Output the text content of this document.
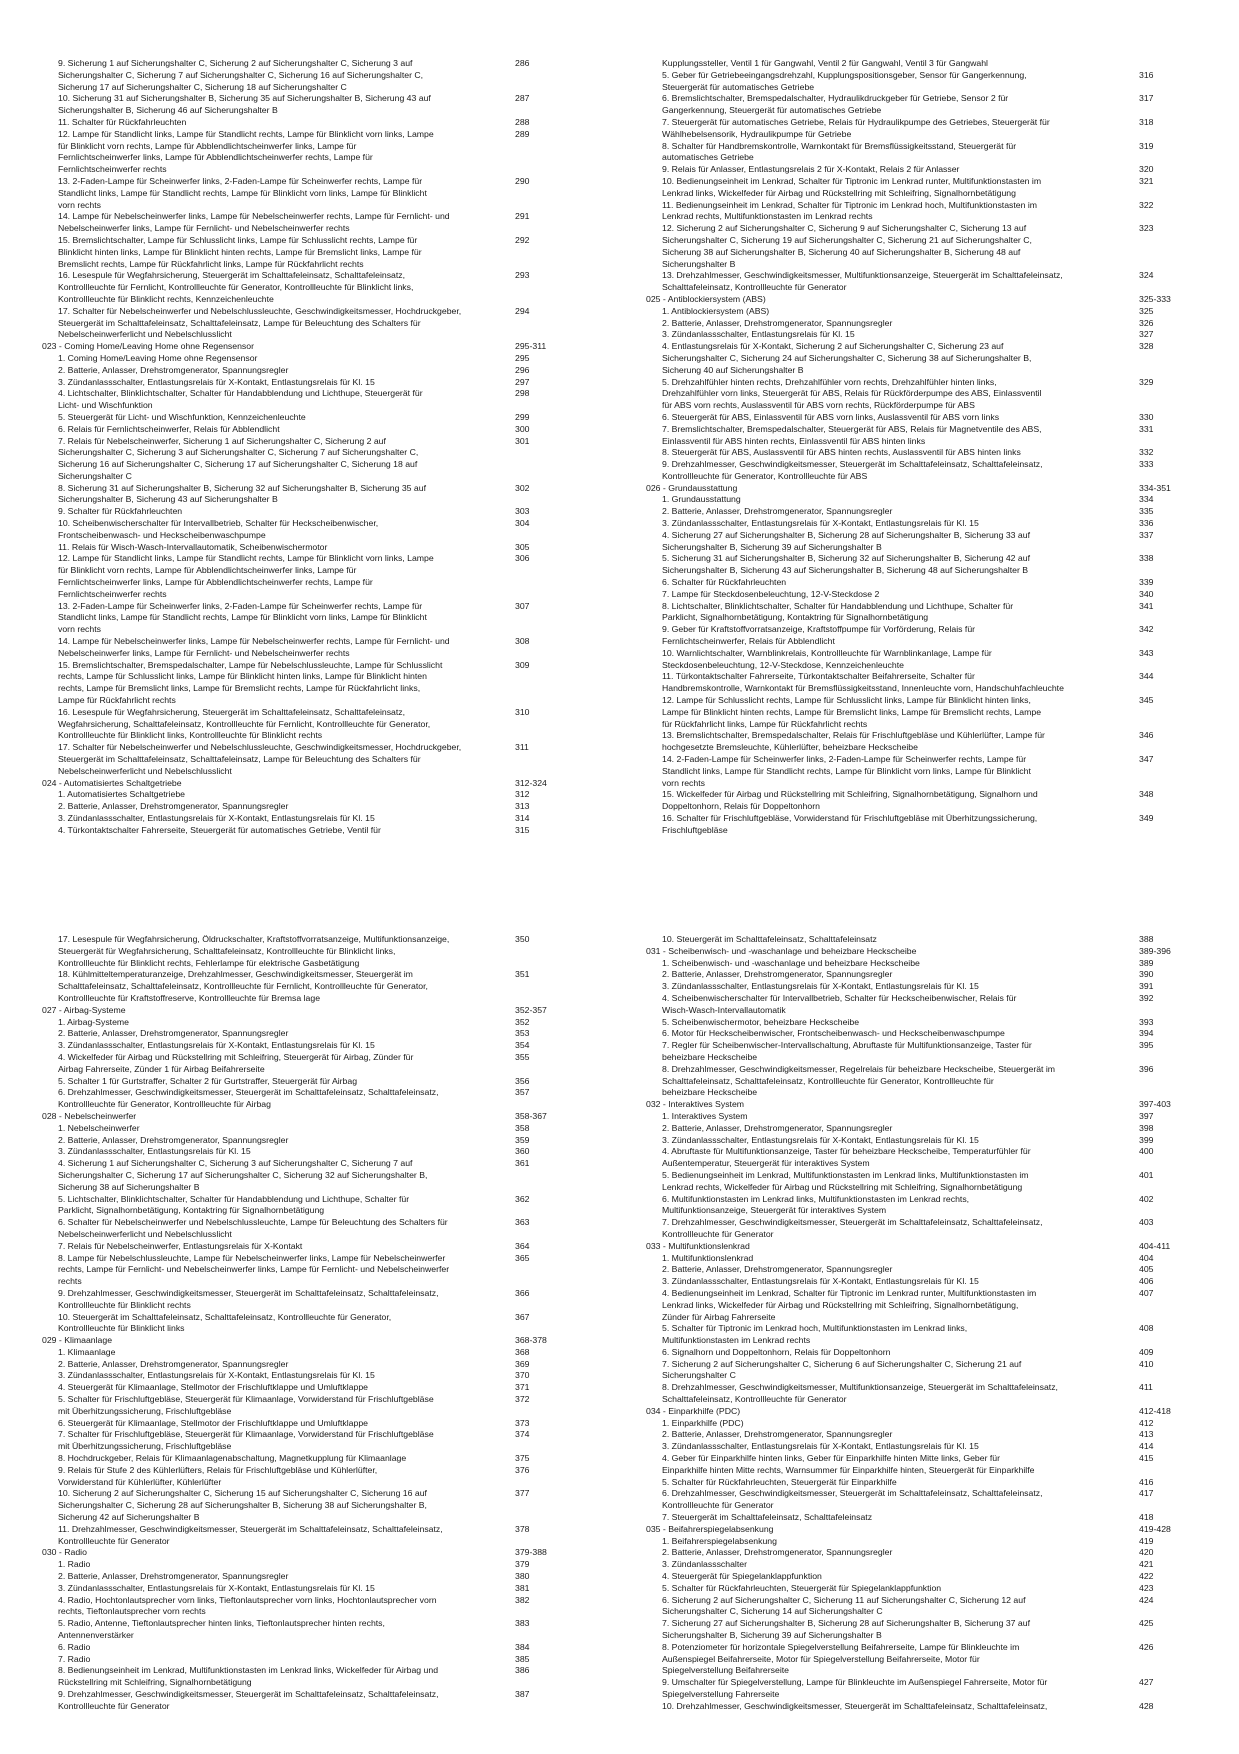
9. Sicherung 1 auf Sicherungshalter C, Sicherung 2 auf Sicherungshalter C, Sicherung 3 auf
Sicherungshalter C, Sicherung 7 auf Sicherungshalter C, Sicherung 16 auf Sicherungshalter C,
Sicherung 17 auf Sicherungshalter C, Sicherung 18 auf Sicherungshalter C
286
10. Sicherung 31 auf Sicherungshalter B, Sicherung 35 auf Sicherungshalter B, Sicherung 43 auf
Sicherungshalter B, Sicherung 46 auf Sicherungshalter B
287
11. Schalter für Rückfahrleuchten	288
12. Lampe für Standlicht links, Lampe für Standlicht rechts, Lampe für Blinklicht vorn links, Lampe
für Blinklicht vorn rechts, Lampe für Abblendlichtscheinwerfer links, Lampe für
Fernlichtscheinwerfer links, Lampe für Abblendlichtscheinwerfer rechts, Lampe für
Fernlichtscheinwerfer rechts
289
13. 2-Faden-Lampe für Scheinwerfer links, 2-Faden-Lampe für Scheinwerfer rechts, Lampe für
Standlicht links, Lampe für Standlicht rechts, Lampe für Blinklicht vorn links, Lampe für Blinklicht
vorn rechts
290
14. Lampe für Nebelscheinwerfer links, Lampe für Nebelscheinwerfer rechts, Lampe für Fernlicht- und
Nebelscheinwerfer links, Lampe für Fernlicht- und Nebelscheinwerfer rechts
291
15. Bremslichtschalter, Lampe für Schlusslicht links, Lampe für Schlusslicht rechts, Lampe für
Blinklicht hinten links, Lampe für Blinklicht hinten rechts, Lampe für Bremslicht links, Lampe für
Bremslicht rechts, Lampe für Rückfahrlicht links, Lampe für Rückfahrlicht rechts
292
16. Lesespule für Wegfahrsicherung, Steuergerät im Schalttafeleinsatz, Schalttafeleinsatz,
Kontrollleuchte für Fernlicht, Kontrollleuchte für Generator, Kontrollleuchte für Blinklicht links,
Kontrollleuchte für Blinklicht rechts, Kennzeichenleuchte
293
17. Schalter für Nebelscheinwerfer und Nebelschlussleuchte, Geschwindigkeitsmesser, Hochdruckgeber,
Steuergerät im Schalttafeleinsatz, Schalttafeleinsatz, Lampe für Beleuchtung des Schalters für
Nebelscheinwerferlicht und Nebelschlusslicht
294
023 - Coming Home/Leaving Home ohne Regensensor	295-311
1. Coming Home/Leaving Home ohne Regensensor	295
2. Batterie, Anlasser, Drehstromgenerator, Spannungsregler	296
3. Zündanlassschalter, Entlastungsrelais für X-Kontakt, Entlastungsrelais für Kl. 15	297
4. Lichtschalter, Blinklichtschalter, Schalter für Handabblendung und Lichthupe, Steuergerät für
Licht- und Wischfunktion
298
5. Steuergerät für Licht- und Wischfunktion, Kennzeichenleuchte	299
6. Relais für Fernlichtscheinwerfer, Relais für Abblendlicht	300
7. Relais für Nebelscheinwerfer, Sicherung 1 auf Sicherungshalter C, Sicherung 2 auf
Sicherungshalter C, Sicherung 3 auf Sicherungshalter C, Sicherung 7 auf Sicherungshalter C,
Sicherung 16 auf Sicherungshalter C, Sicherung 17 auf Sicherungshalter C, Sicherung 18 auf
Sicherungshalter C
301
8. Sicherung 31 auf Sicherungshalter B, Sicherung 32 auf Sicherungshalter B, Sicherung 35 auf
Sicherungshalter B, Sicherung 43 auf Sicherungshalter B
302
9. Schalter für Rückfahrleuchten	303
10. Scheibenwischerschalter für Intervallbetrieb, Schalter für Heckscheibenwischer,
Frontscheibenwasch- und Heckscheibenwaschpumpe
304
11. Relais für Wisch-Wasch-Intervallautomatik, Scheibenwischermotor	305
12. Lampe für Standlicht links, Lampe für Standlicht rechts, Lampe für Blinklicht vorn links, Lampe
für Blinklicht vorn rechts, Lampe für Abblendlichtscheinwerfer links, Lampe für
Fernlichtscheinwerfer links, Lampe für Abblendlichtscheinwerfer rechts, Lampe für
Fernlichtscheinwerfer rechts
306
13. 2-Faden-Lampe für Scheinwerfer links, 2-Faden-Lampe für Scheinwerfer rechts, Lampe für
Standlicht links, Lampe für Standlicht rechts, Lampe für Blinklicht vorn links, Lampe für Blinklicht
vorn rechts
307
14. Lampe für Nebelscheinwerfer links, Lampe für Nebelscheinwerfer rechts, Lampe für Fernlicht- und
Nebelscheinwerfer links, Lampe für Fernlicht- und Nebelscheinwerfer rechts
308
15. Bremslichtschalter, Bremspedalschalter, Lampe für Nebelschlussleuchte, Lampe für Schlusslicht
rechts, Lampe für Schlusslicht links, Lampe für Blinklicht hinten links, Lampe für Blinklicht hinten
rechts, Lampe für Bremslicht links, Lampe für Bremslicht rechts, Lampe für Rückfahrlicht links,
Lampe für Rückfahrlicht rechts
309
16. Lesespule für Wegfahrsicherung, Steuergerät im Schalttafeleinsatz, Schalttafeleinsatz,
Wegfahrsicherung, Schalttafeleinsatz, Kontrollleuchte für Fernlicht, Kontrollleuchte für Generator,
Kontrollleuchte für Blinklicht links, Kontrollleuchte für Blinklicht rechts
310
17. Schalter für Nebelscheinwerfer und Nebelschlussleuchte, Geschwindigkeitsmesser, Hochdruckgeber,
Steuergerät im Schalttafeleinsatz, Schalttafeleinsatz, Lampe für Beleuchtung des Schalters für
Nebelscheinwerferlicht und Nebelschlusslicht
311
024 - Automatisiertes Schaltgetriebe	312-324
1. Automatisiertes Schaltgetriebe	312
2. Batterie, Anlasser, Drehstromgenerator, Spannungsregler	313
3. Zündanlassschalter, Entlastungsrelais für X-Kontakt, Entlastungsrelais für Kl. 15	314
4. Türkontaktschalter Fahrerseite, Steuergerät für automatisches Getriebe, Ventil für	315
Kupplungssteller, Ventil 1 für Gangwahl, Ventil 2 für Gangwahl, Ventil 3 für Gangwahl
5. Geber für Getriebeeingangsdrehzahl, Kupplungspositionsgeber, Sensor für Gangerkennung,
Steuergerät für automatisches Getriebe
316
6. Bremslichtschalter, Bremspedalschalter, Hydraulikdruckgeber für Getriebe, Sensor 2 für
Gangerkennung, Steuergerät für automatisches Getriebe
317
7. Steuergerät für automatisches Getriebe, Relais für Hydraulikpumpe des Getriebes, Steuergerät für
Wählhebelsensorik, Hydraulikpumpe für Getriebe
318
8. Schalter für Handbremskontrolle, Warnkontakt für Bremsflüssigkeitsstand, Steuergerät für
automatisches Getriebe
319
9. Relais für Anlasser, Entlastungsrelais 2 für X-Kontakt, Relais 2 für Anlasser	320
10. Bedienungseinheit im Lenkrad, Schalter für Tiptronic im Lenkrad runter, Multifunktionstasten im
Lenkrad links, Wickelfeder für Airbag und Rückstellring mit Schleifring, Signalhornbetätigung
321
11. Bedienungseinheit im Lenkrad, Schalter für Tiptronic im Lenkrad hoch, Multifunktionstasten im
Lenkrad rechts, Multifunktionstasten im Lenkrad rechts
322
12. Sicherung 2 auf Sicherungshalter C, Sicherung 9 auf Sicherungshalter C, Sicherung 13 auf
Sicherungshalter C, Sicherung 19 auf Sicherungshalter C, Sicherung 21 auf Sicherungshalter C,
Sicherung 38 auf Sicherungshalter B, Sicherung 40 auf Sicherungshalter B, Sicherung 48 auf
Sicherungshalter B
323
13. Drehzahlmesser, Geschwindigkeitsmesser, Multifunktionsanzeige, Steuergerät im Schalttafeleinsatz,
Schalttafeleinsatz, Kontrollleuchte für Generator
324
025 - Antiblockiersystem (ABS)	325-333
1. Antiblockiersystem (ABS)	325
2. Batterie, Anlasser, Drehstromgenerator, Spannungsregler	326
3. Zündanlassschalter, Entlastungsrelais für Kl. 15	327
4. Entlastungsrelais für X-Kontakt, Sicherung 2 auf Sicherungshalter C, Sicherung 23 auf
Sicherungshalter C, Sicherung 24 auf Sicherungshalter C, Sicherung 38 auf Sicherungshalter B,
Sicherung 40 auf Sicherungshalter B
328
5. Drehzahlfühler hinten rechts, Drehzahlfühler vorn rechts, Drehzahlfühler hinten links,
Drehzahlfühler vorn links, Steuergerät für ABS, Relais für Rückförderpumpe des ABS, Einlassventil
für ABS vorn rechts, Auslassventil für ABS vorn rechts, Rückförderpumpe für ABS
329
6. Steuergerät für ABS, Einlassventil für ABS vorn links, Auslassventil für ABS vorn links	330
7. Bremslichtschalter, Bremspedalschalter, Steuergerät für ABS, Relais für Magnetventile des ABS,
Einlassventil für ABS hinten rechts, Einlassventil für ABS hinten links
331
8. Steuergerät für ABS, Auslassventil für ABS hinten rechts, Auslassventil für ABS hinten links	332
9. Drehzahlmesser, Geschwindigkeitsmesser, Steuergerät im Schalttafeleinsatz, Schalttafeleinsatz,
Kontrollleuchte für Generator, Kontrollleuchte für ABS
333
026 - Grundausstattung	334-351
1. Grundausstattung	334
2. Batterie, Anlasser, Drehstromgenerator, Spannungsregler	335
3. Zündanlassschalter, Entlastungsrelais für X-Kontakt, Entlastungsrelais für Kl. 15	336
4. Sicherung 27 auf Sicherungshalter B, Sicherung 28 auf Sicherungshalter B, Sicherung 33 auf
Sicherungshalter B, Sicherung 39 auf Sicherungshalter B
337
5. Sicherung 31 auf Sicherungshalter B, Sicherung 32 auf Sicherungshalter B, Sicherung 42 auf
Sicherungshalter B, Sicherung 43 auf Sicherungshalter B, Sicherung 48 auf Sicherungshalter B
338
6. Schalter für Rückfahrleuchten	339
7. Lampe für Steckdosenbeleuchtung, 12-V-Steckdose 2	340
8. Lichtschalter, Blinklichtschalter, Schalter für Handabblendung und Lichthupe, Schalter für
Parklicht, Signalhornbetätigung, Kontaktring für Signalhornbetätigung
341
9. Geber für Kraftstoffvorratsanzeige, Kraftstoffpumpe für Vorförderung, Relais für
Fernlichtscheinwerfer, Relais für Abblendlicht
342
10. Warnlichtschalter, Warnblinkrelais, Kontrollleuchte für Warnblinkanlage, Lampe für
Steckdosenbeleuchtung, 12-V-Steckdose, Kennzeichenleuchte
343
11. Türkontaktschalter Fahrerseite, Türkontaktschalter Beifahrerseite, Schalter für
Handbremskontrolle, Warnkontakt für Bremsflüssigkeitsstand, Innenleuchte vorn, Handschuhfachleuchte
344
12. Lampe für Schlusslicht rechts, Lampe für Schlusslicht links, Lampe für Blinklicht hinten links,
Lampe für Blinklicht hinten rechts, Lampe für Bremslicht links, Lampe für Bremslicht rechts, Lampe
für Rückfahrlicht links, Lampe für Rückfahrlicht rechts
345
13. Bremslichtschalter, Bremspedalschalter, Relais für Frischluftgebläse und Kühlerlüfter, Lampe für
hochgesetzte Bremsleuchte, Kühlerlüfter, beheizbare Heckscheibe
346
14. 2-Faden-Lampe für Scheinwerfer links, 2-Faden-Lampe für Scheinwerfer rechts, Lampe für
Standlicht links, Lampe für Standlicht rechts, Lampe für Blinklicht vorn links, Lampe für Blinklicht
vorn rechts
347
15. Wickelfeder für Airbag und Rückstellring mit Schleifring, Signalhornbetätigung, Signalhorn und
Doppeltonhorn, Relais für Doppeltonhorn
348
16. Schalter für Frischluftgebläse, Vorwiderstand für Frischluftgebläse mit Überhitzungssicherung,
Frischluftgebläse
349
17. Lesespule für Wegfahrsicherung, Öldruckschalter, Kraftstoffvorratsanzeige, Multifunktionsanzeige,
Steuergerät für Wegfahrsicherung, Schalttafeleinsatz, Kontrollleuchte für Blinklicht links,
Kontrollleuchte für Blinklicht rechts, Fehlerlampe für elektrische Gasbetätigung
350
18. Kühlmitteltemperaturanzeige, Drehzahlmesser, Geschwindigkeitsmesser, Steuergerät im
Schalttafeleinsatz, Schalttafeleinsatz, Kontrollleuchte für Fernlicht, Kontrollleuchte für Generator,
Kontrollleuchte für Kraftstoffreserve, Kontrollleuchte für Bremsa lage
351
027 - Airbag-Systeme	352-357
1. Airbag-Systeme	352
2. Batterie, Anlasser, Drehstromgenerator, Spannungsregler	353
3. Zündanlassschalter, Entlastungsrelais für X-Kontakt, Entlastungsrelais für Kl. 15	354
4. Wickelfeder für Airbag und Rückstellring mit Schleifring, Steuergerät für Airbag, Zünder für
Airbag Fahrerseite, Zünder 1 für Airbag Beifahrerseite
355
5. Schalter 1 für Gurtstraffer, Schalter 2 für Gurtstraffer, Steuergerät für Airbag	356
6. Drehzahlmesser, Geschwindigkeitsmesser, Steuergerät im Schalttafeleinsatz, Schalttafeleinsatz,
Kontrollleuchte für Generator, Kontrollleuchte für Airbag
357
028 - Nebelscheinwerfer	358-367
1. Nebelscheinwerfer	358
2. Batterie, Anlasser, Drehstromgenerator, Spannungsregler	359
3. Zündanlassschalter, Entlastungsrelais für Kl. 15	360
4. Sicherung 1 auf Sicherungshalter C, Sicherung 3 auf Sicherungshalter C, Sicherung 7 auf
Sicherungshalter C, Sicherung 17 auf Sicherungshalter C, Sicherung 32 auf Sicherungshalter B,
Sicherung 38 auf Sicherungshalter B
361
5. Lichtschalter, Blinklichtschalter, Schalter für Handabblendung und Lichthupe, Schalter für
Parklicht, Signalhornbetätigung, Kontaktring für Signalhornbetätigung
362
6. Schalter für Nebelscheinwerfer und Nebelschlussleuchte, Lampe für Beleuchtung des Schalters für
Nebelscheinwerferlicht und Nebelschlusslicht
363
7. Relais für Nebelscheinwerfer, Entlastungsrelais für X-Kontakt	364
8. Lampe für Nebelschlussleuchte, Lampe für Nebelscheinwerfer links, Lampe für Nebelscheinwerfer
rechts, Lampe für Fernlicht- und Nebelscheinwerfer links, Lampe für Fernlicht- und Nebelscheinwerfer
rechts
365
9. Drehzahlmesser, Geschwindigkeitsmesser, Steuergerät im Schalttafeleinsatz, Schalttafeleinsatz,
Kontrollleuchte für Blinklicht rechts
366
10. Steuergerät im Schalttafeleinsatz, Schalttafeleinsatz, Kontrollleuchte für Generator,
Kontrollleuchte für Blinklicht links
367
029 - Klimaanlage	368-378
1. Klimaanlage	368
2. Batterie, Anlasser, Drehstromgenerator, Spannungsregler	369
3. Zündanlassschalter, Entlastungsrelais für X-Kontakt, Entlastungsrelais für Kl. 15	370
4. Steuergerät für Klimaanlage, Stellmotor der Frischluftklappe und Umluftklappe	371
5. Schalter für Frischluftgebläse, Steuergerät für Klimaanlage, Vorwiderstand für Frischluftgebläse
mit Überhitzungssicherung, Frischluftgebläse
372
6. Steuergerät für Klimaanlage, Stellmotor der Frischluftklappe und Umluftklappe	373
7. Schalter für Frischluftgebläse, Steuergerät für Klimaanlage, Vorwiderstand für Frischluftgebläse
mit Überhitzungssicherung, Frischluftgebläse
374
8. Hochdruckgeber, Relais für Klimaanlagenabschaltung, Magnetkupplung für Klimaanlage	375
9. Relais für Stufe 2 des Kühlerlüfters, Relais für Frischluftgebläse und Kühlerlüfter,
Vorwiderstand für Kühlerlüfter, Kühlerlüfter
376
10. Sicherung 2 auf Sicherungshalter C, Sicherung 15 auf Sicherungshalter C, Sicherung 16 auf
Sicherungshalter C, Sicherung 28 auf Sicherungshalter B, Sicherung 38 auf Sicherungshalter B,
Sicherung 42 auf Sicherungshalter B
377
11. Drehzahlmesser, Geschwindigkeitsmesser, Steuergerät im Schalttafeleinsatz, Schalttafeleinsatz,
Kontrollleuchte für Generator
378
030 - Radio	379-388
1. Radio	379
2. Batterie, Anlasser, Drehstromgenerator, Spannungsregler	380
3. Zündanlassschalter, Entlastungsrelais für X-Kontakt, Entlastungsrelais für Kl. 15	381
4. Radio, Hochtonlautsprecher vorn links, Tieftonlautsprecher vorn links, Hochtonlautsprecher vorn
rechts, Tieftonlautsprecher vorn rechts
382
5. Radio, Antenne, Tieftonlautsprecher hinten links, Tieftonlautsprecher hinten rechts,
Antennenverstärker
383
6. Radio	384
7. Radio	385
8. Bedienungseinheit im Lenkrad, Multifunktionstasten im Lenkrad links, Wickelfeder für Airbag und
Rückstellring mit Schleifring, Signalhornbetätigung
386
9. Drehzahlmesser, Geschwindigkeitsmesser, Steuergerät im Schalttafeleinsatz, Schalttafeleinsatz,
Kontrollleuchte für Generator
387
10. Steuergerät im Schalttafeleinsatz, Schalttafeleinsatz	388
031 - Scheibenwisch- und -waschanlage und beheizbare Heckscheibe	389-396
1. Scheibenwisch- und -waschanlage und beheizbare Heckscheibe	389
2. Batterie, Anlasser, Drehstromgenerator, Spannungsregler	390
3. Zündanlassschalter, Entlastungsrelais für X-Kontakt, Entlastungsrelais für Kl. 15	391
4. Scheibenwischerschalter für Intervallbetrieb, Schalter für Heckscheibenwischer, Relais für
Wisch-Wasch-Intervallautomatik
392
5. Scheibenwischermotor, beheizbare Heckscheibe	393
6. Motor für Heckscheibenwischer, Frontscheibenwasch- und Heckscheibenwaschpumpe	394
7. Regler für Scheibenwischer-Intervallschaltung, Abruftaste für Multifunktionsanzeige, Taster für
beheizbare Heckscheibe
395
8. Drehzahlmesser, Geschwindigkeitsmesser, Regelrelais für beheizbare Heckscheibe, Steuergerät im
Schalttafeleinsatz, Schalttafeleinsatz, Kontrollleuchte für Generator, Kontrollleuchte für
beheizbare Heckscheibe
396
032 - Interaktives System	397-403
1. Interaktives System	397
2. Batterie, Anlasser, Drehstromgenerator, Spannungsregler	398
3. Zündanlassschalter, Entlastungsrelais für X-Kontakt, Entlastungsrelais für Kl. 15	399
4. Abruftaste für Multifunktionsanzeige, Taster für beheizbare Heckscheibe, Temperaturfühler für
Außentemperatur, Steuergerät für interaktives System
400
5. Bedienungseinheit im Lenkrad, Multifunktionstasten im Lenkrad links, Multifunktionstasten im
Lenkrad rechts, Wickelfeder für Airbag und Rückstellring mit Schleifring, Signalhornbetätigung
401
6. Multifunktionstasten im Lenkrad links, Multifunktionstasten im Lenkrad rechts,
Multifunktionsanzeige, Steuergerät für interaktives System
402
7. Drehzahlmesser, Geschwindigkeitsmesser, Steuergerät im Schalttafeleinsatz, Schalttafeleinsatz,
Kontrollleuchte für Generator
403
033 - Multifunktionslenkrad	404-411
1. Multifunktionslenkrad	404
2. Batterie, Anlasser, Drehstromgenerator, Spannungsregler	405
3. Zündanlassschalter, Entlastungsrelais für X-Kontakt, Entlastungsrelais für Kl. 15	406
4. Bedienungseinheit im Lenkrad, Schalter für Tiptronic im Lenkrad runter, Multifunktionstasten im
Lenkrad links, Wickelfeder für Airbag und Rückstellring mit Schleifring, Signalhornbetätigung,
Zünder für Airbag Fahrerseite
407
5. Schalter für Tiptronic im Lenkrad hoch, Multifunktionstasten im Lenkrad links,
Multifunktionstasten im Lenkrad rechts
408
6. Signalhorn und Doppeltonhorn, Relais für Doppeltonhorn	409
7. Sicherung 2 auf Sicherungshalter C, Sicherung 6 auf Sicherungshalter C, Sicherung 21 auf
Sicherungshalter C
410
8. Drehzahlmesser, Geschwindigkeitsmesser, Multifunktionsanzeige, Steuergerät im Schalttafeleinsatz,
Schalttafeleinsatz, Kontrollleuchte für Generator
411
034 - Einparkhilfe (PDC)	412-418
1. Einparkhilfe (PDC)	412
2. Batterie, Anlasser, Drehstromgenerator, Spannungsregler	413
3. Zündanlassschalter, Entlastungsrelais für X-Kontakt, Entlastungsrelais für Kl. 15	414
4. Geber für Einparkhilfe hinten links, Geber für Einparkhilfe hinten Mitte links, Geber für
Einparkhilfe hinten Mitte rechts, Warnsummer für Einparkhilfe hinten, Steuergerät für Einparkhilfe
415
5. Schalter für Rückfahrleuchten, Steuergerät für Einparkhilfe	416
6. Drehzahlmesser, Geschwindigkeitsmesser, Steuergerät im Schalttafeleinsatz, Schalttafeleinsatz,
Kontrollleuchte für Generator
417
7. Steuergerät im Schalttafeleinsatz, Schalttafeleinsatz	418
035 - Beifahrerspiegelabsenkung	419-428
1. Beifahrerspiegelabsenkung	419
2. Batterie, Anlasser, Drehstromgenerator, Spannungsregler	420
3. Zündanlassschalter	421
4. Steuergerät für Spiegelanklappfunktion	422
5. Schalter für Rückfahrleuchten, Steuergerät für Spiegelanklappfunktion	423
6. Sicherung 2 auf Sicherungshalter C, Sicherung 11 auf Sicherungshalter C, Sicherung 12 auf
Sicherungshalter C, Sicherung 14 auf Sicherungshalter C
424
7. Sicherung 27 auf Sicherungshalter B, Sicherung 28 auf Sicherungshalter B, Sicherung 37 auf
Sicherungshalter B, Sicherung 39 auf Sicherungshalter B
425
8. Potenziometer für horizontale Spiegelverstellung Beifahrerseite, Lampe für Blinkleuchte im
Außenspiegel Beifahrerseite, Motor für Spiegelverstellung Beifahrerseite, Motor für
Spiegelverstellung Beifahrerseite
426
9. Umschalter für Spiegelverstellung, Lampe für Blinkleuchte im Außenspiegel Fahrerseite, Motor für
Spiegelverstellung Fahrerseite
427
10. Drehzahlmesser, Geschwindigkeitsmesser, Steuergerät im Schalttafeleinsatz, Schalttafeleinsatz,	428
